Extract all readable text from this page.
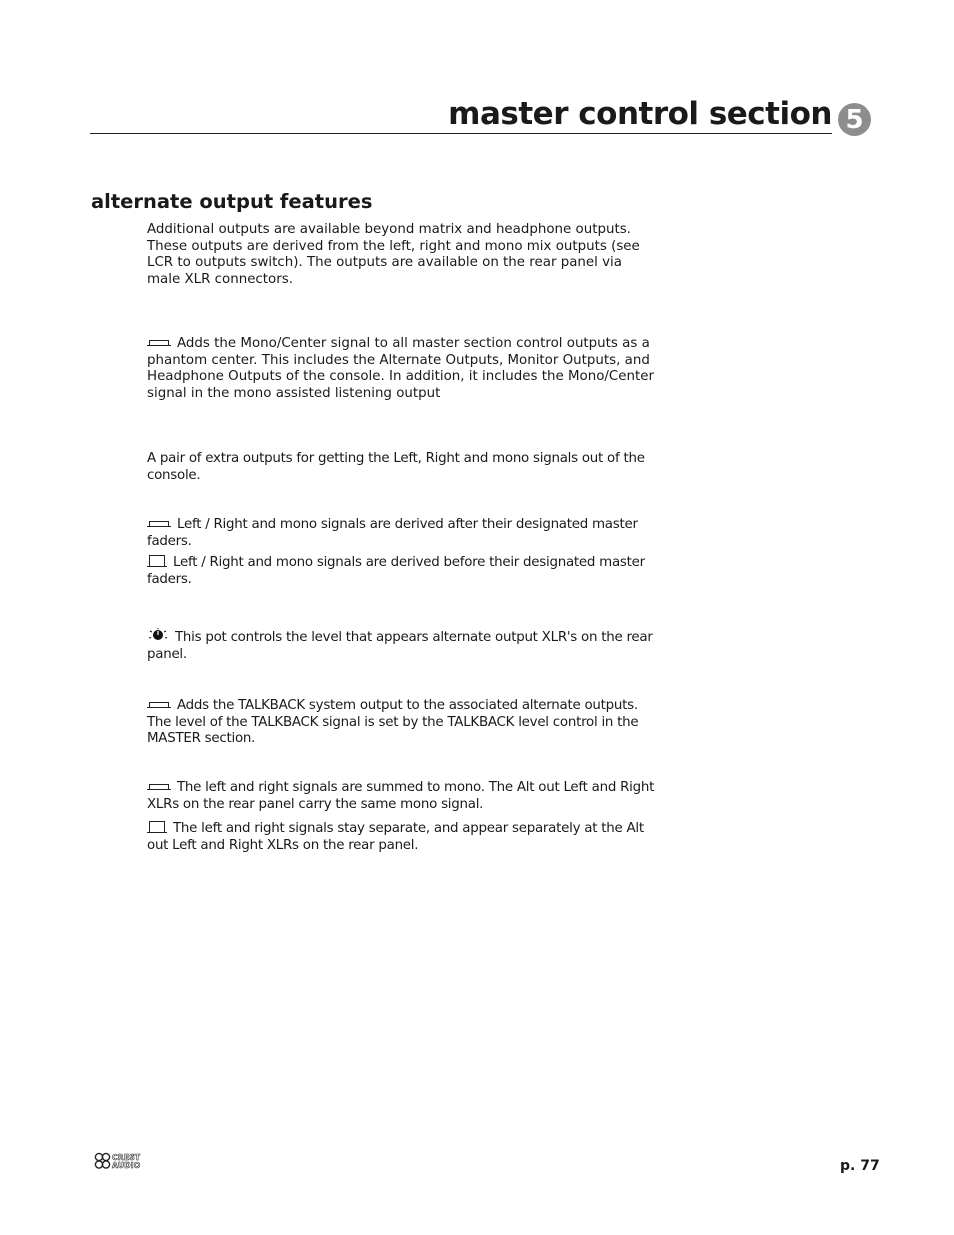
master control section 5
alternate output features
Additional outputs are available beyond matrix and headphone outputs. These outputs are derived from the left, right and mono mix outputs (see LCR to outputs switch). The outputs are available on the rear panel via male XLR connectors.
Adds the Mono/Center signal to all master section control outputs as a phantom center. This includes the Alternate Outputs, Monitor Outputs, and Headphone Outputs of the console. In addition, it includes the Mono/Center signal in the mono assisted listening output
A pair of extra outputs for getting the Left, Right and mono signals out of the console.
Left / Right and mono signals are derived after their designated master faders.
Left / Right and mono signals are derived before their designated master faders.
This pot controls the level that appears alternate output XLR's on the rear panel.
Adds the TALKBACK system output to the associated alternate outputs. The level of the TALKBACK signal is set by the TALKBACK level control in the MASTER section.
The left and right signals are summed to mono. The Alt out Left and Right XLRs on the rear panel carry the same mono signal.
The left and right signals stay separate, and appear separately at the Alt out Left and Right XLRs on the rear panel.
CREST
AUDIO	p. 77
